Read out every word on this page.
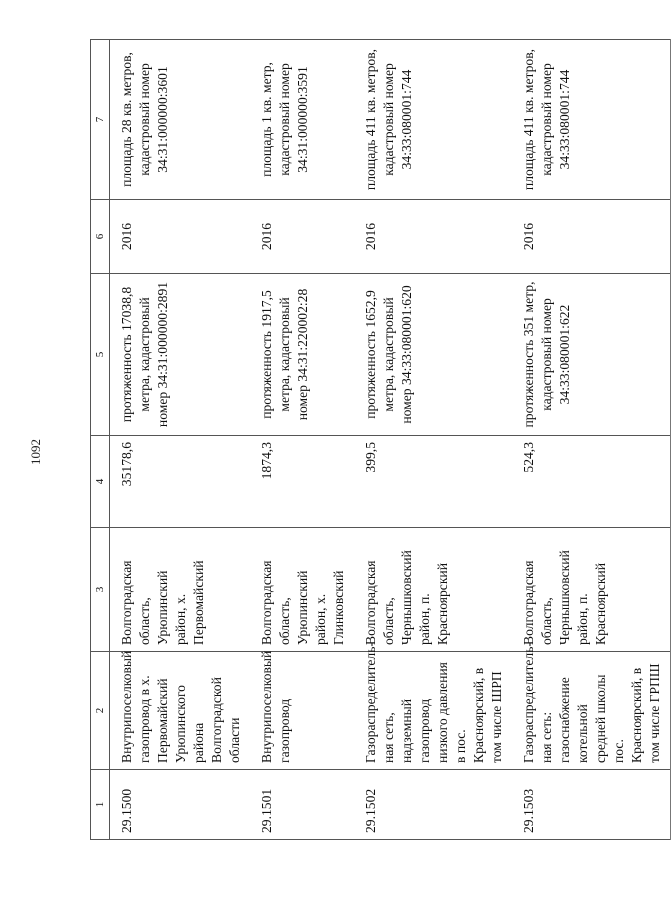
1092
1	2	3	4	5	6	7
29.1500	Внутрипоселковый газопровод в х. Первомайский Урюпинского района Волгоградской области	Волгоградская область, Урюпинский район, х. Первомайский	35178,6	протяженность 17038,8 метра, кадастровый номер 34:31:000000:2891	2016	площадь 28 кв. метров, кадастровый номер 34:31:000000:3601
29.1501	Внутрипоселковый газопровод	Волгоградская область, Урюпинский район, х. Глинковский	1874,3	протяженность 1917,5 метра, кадастровый номер 34:31:220002:28	2016	площадь 1 кв. метр, кадастровый номер 34:31:000000:3591
29.1502	Газораспределитель-ная сеть, надземный газопровод низкого давления в пос. Красноярский, в том числе ШРП	Волгоградская область, Чернышковский район, п. Красноярский	399,5	протяженность 1652,9 метра, кадастровый номер 34:33:080001:620	2016	площадь 411 кв. метров, кадастровый номер 34:33:080001:744
29.1503	Газораспределитель-ная сеть: газоснабжение котельной средней школы пос. Красноярский, в том числе ГРПШ	Волгоградская область, Чернышковский район, п. Красноярский	524,3	протяженность 351 метр, кадастровый номер 34:33:080001:622	2016	площадь 411 кв. метров, кадастровый номер 34:33:080001:744
